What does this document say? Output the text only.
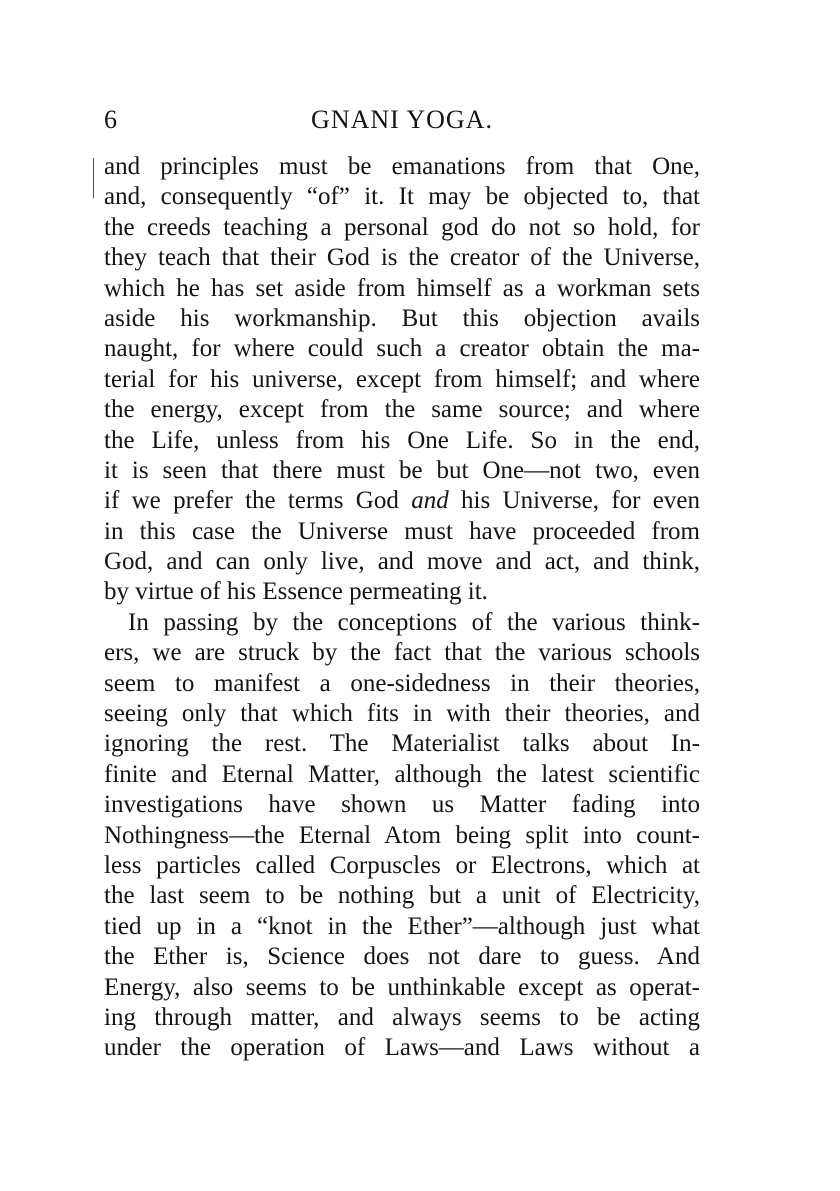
6	GNANI YOGA.
and principles must be emanations from that One,
and, consequently “of” it. It may be objected to, that
the creeds teaching a personal god do not so hold, for
they teach that their God is the creator of the Universe,
which he has set aside from himself as a workman sets
aside his workmanship. But this objection avails
naught, for where could such a creator obtain the ma-
terial for his universe, except from himself; and where
the energy, except from the same source; and where
the Life, unless from his One Life. So in the end,
it is seen that there must be but One—not two, even
if we prefer the terms God and his Universe, for even
in this case the Universe must have proceeded from
God, and can only live, and move and act, and think,
by virtue of his Essence permeating it.
In passing by the conceptions of the various think-
ers, we are struck by the fact that the various schools
seem to manifest a one-sidedness in their theories,
seeing only that which fits in with their theories, and
ignoring the rest. The Materialist talks about In-
finite and Eternal Matter, although the latest scientific
investigations have shown us Matter fading into
Nothingness—the Eternal Atom being split into count-
less particles called Corpuscles or Electrons, which at
the last seem to be nothing but a unit of Electricity,
tied up in a “knot in the Ether”—although just what
the Ether is, Science does not dare to guess. And
Energy, also seems to be unthinkable except as operat-
ing through matter, and always seems to be acting
under the operation of Laws—and Laws without a
